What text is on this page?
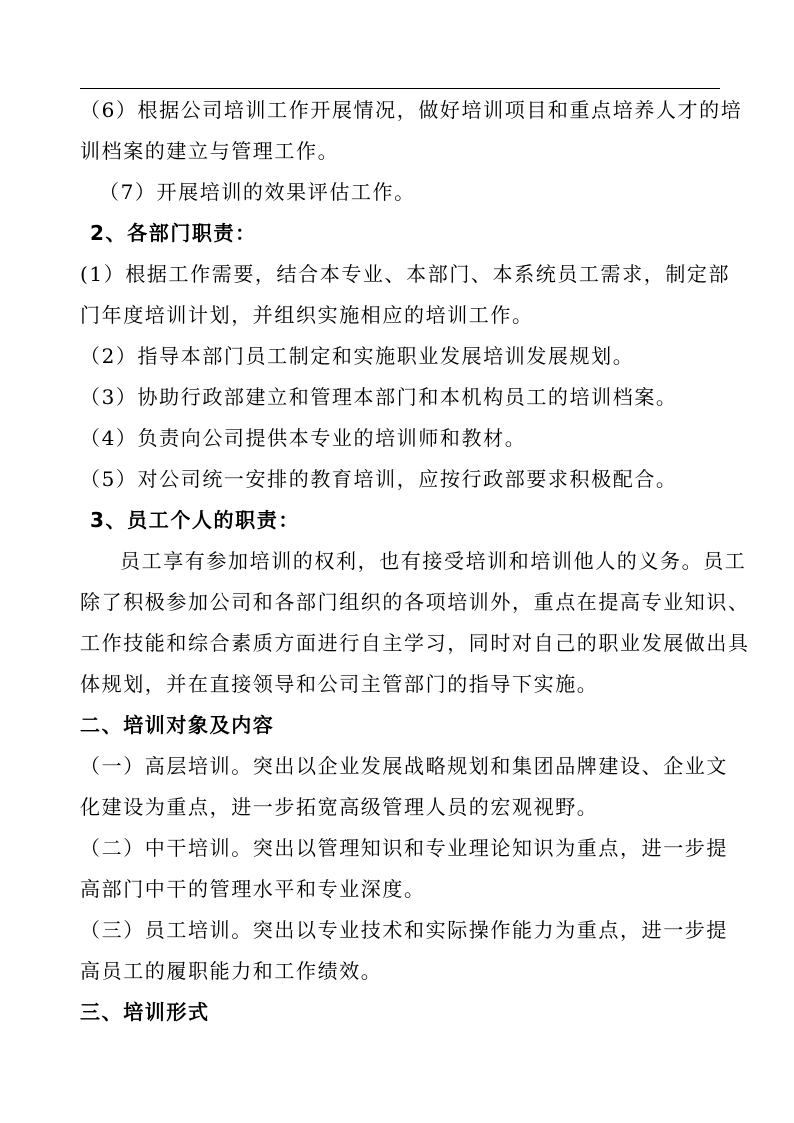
（6）根据公司培训工作开展情况，做好培训项目和重点培养人才的培
训档案的建立与管理工作。
（7）开展培训的效果评估工作。
2、各部门职责：
(1）根据工作需要，结合本专业、本部门、本系统员工需求，制定部
门年度培训计划，并组织实施相应的培训工作。
（2）指导本部门员工制定和实施职业发展培训发展规划。
（3）协助行政部建立和管理本部门和本机构员工的培训档案。
（4）负责向公司提供本专业的培训师和教材。
（5）对公司统一安排的教育培训，应按行政部要求积极配合。
3、员工个人的职责：
员工享有参加培训的权利，也有接受培训和培训他人的义务。员工
除了积极参加公司和各部门组织的各项培训外，重点在提高专业知识、
工作技能和综合素质方面进行自主学习，同时对自己的职业发展做出具
体规划，并在直接领导和公司主管部门的指导下实施。
二、培训对象及内容
（一）高层培训。突出以企业发展战略规划和集团品牌建设、企业文
化建设为重点，进一步拓宽高级管理人员的宏观视野。
（二）中干培训。突出以管理知识和专业理论知识为重点，进一步提
高部门中干的管理水平和专业深度。
（三）员工培训。突出以专业技术和实际操作能力为重点，进一步提
高员工的履职能力和工作绩效。
三、培训形式
